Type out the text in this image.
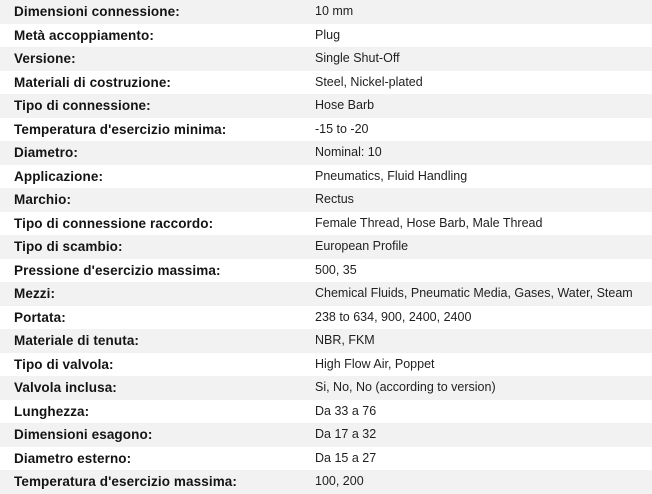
Dimensioni connessione:	10 mm
Metà accoppiamento:	Plug
Versione:	Single Shut-Off
Materiali di costruzione:	Steel, Nickel-plated
Tipo di connessione:	Hose Barb
Temperatura d'esercizio minima:	-15 to -20
Diametro:	Nominal: 10
Applicazione:	Pneumatics, Fluid Handling
Marchio:	Rectus
Tipo di connessione raccordo:	Female Thread, Hose Barb, Male Thread
Tipo di scambio:	European Profile
Pressione d'esercizio massima:	500, 35
Mezzi:	Chemical Fluids, Pneumatic Media, Gases, Water, Steam
Portata:	238 to 634, 900, 2400, 2400
Materiale di tenuta:	NBR, FKM
Tipo di valvola:	High Flow Air, Poppet
Valvola inclusa:	Si, No, No (according to version)
Lunghezza:	Da 33 a 76
Dimensioni esagono:	Da 17 a 32
Diametro esterno:	Da 15 a 27
Temperatura d'esercizio massima:	100, 200
